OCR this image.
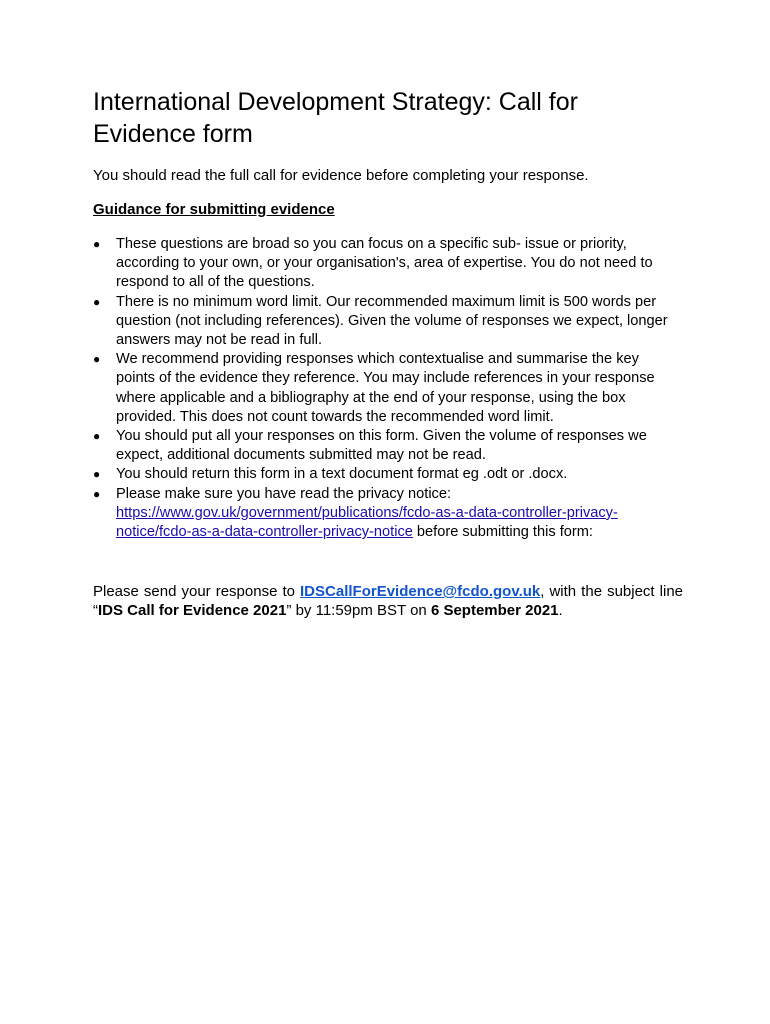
International Development Strategy: Call for Evidence form

You should read the full call for evidence before completing your response.

Guidance for submitting evidence

● These questions are broad so you can focus on a specific sub- issue or priority, according to your own, or your organisation's, area of expertise. You do not need to respond to all of the questions.
● There is no minimum word limit. Our recommended maximum limit is 500 words per question (not including references). Given the volume of responses we expect, longer answers may not be read in full.
● We recommend providing responses which contextualise and summarise the key points of the evidence they reference. You may include references in your response where applicable and a bibliography at the end of your response, using the box provided. This does not count towards the recommended word limit.
● You should put all your responses on this form. Given the volume of responses we expect, additional documents submitted may not be read.
● You should return this form in a text document format eg .odt or .docx.
● Please make sure you have read the privacy notice:
https://www.gov.uk/government/publications/fcdo-as-a-data-controller-privacy-notice/fcdo-as-a-data-controller-privacy-notice before submitting this form:

Please send your response to IDSCallForEvidence@fcdo.gov.uk, with the subject line “IDS Call for Evidence 2021” by 11:59pm BST on 6 September 2021.
